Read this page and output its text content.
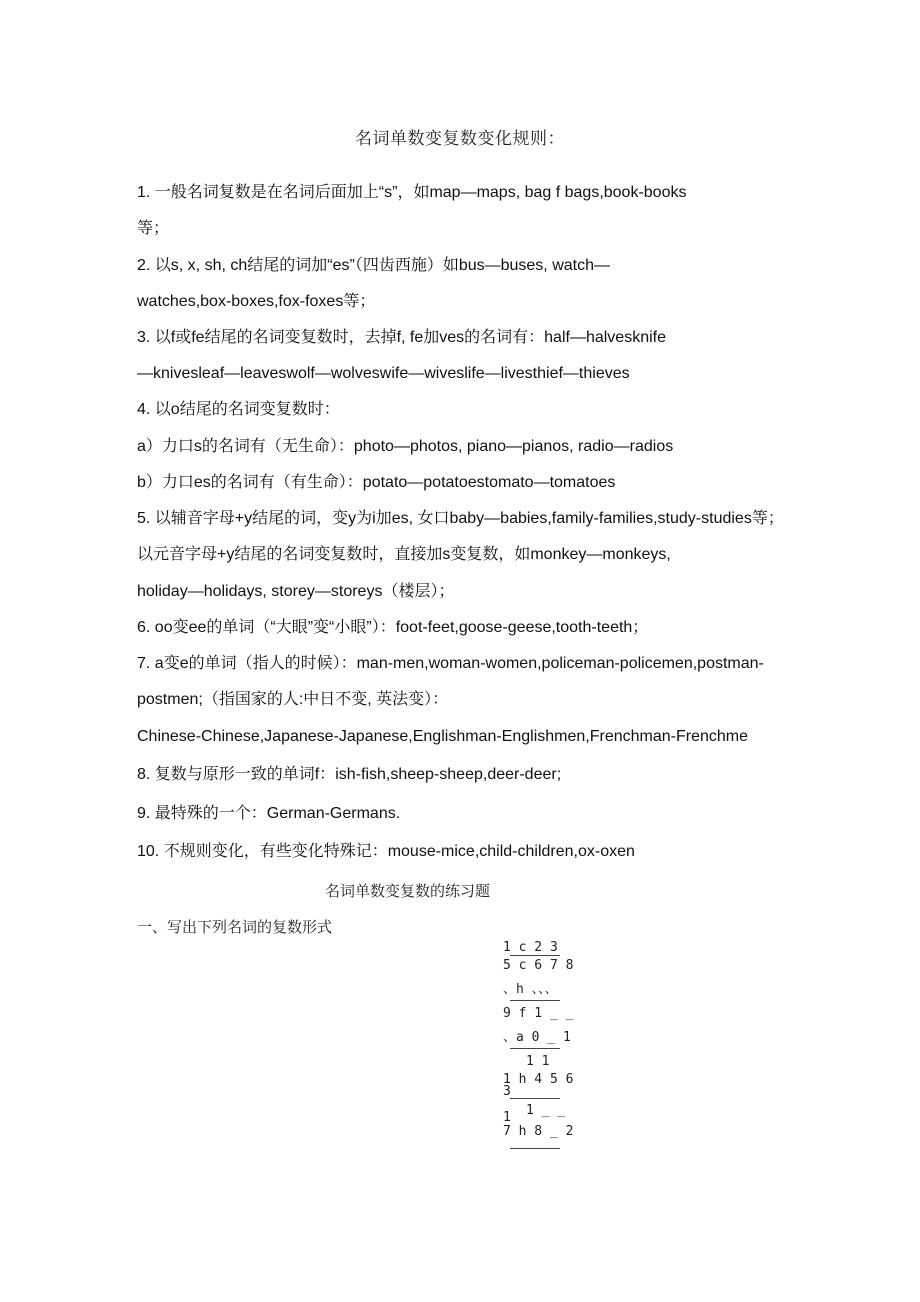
名词单数变复数变化规则：
1. 一般名词复数是在名词后面加上“s”，如map—maps, bag f bags,book-books
等；
2. 以s, x, sh, ch结尾的词加“es”（四齿西施）如bus—buses, watch—
watches,box-boxes,fox-foxes等；
3. 以f或fe结尾的名词变复数时，去掉f, fe加ves的名词有：half—halvesknife
—knivesleaf—leaveswolf—wolveswife—wiveslife—livesthief—thieves
4. 以o结尾的名词变复数时：
a）力口s的名词有（无生命）：photo—photos, piano—pianos, radio—radios
b）力口es的名词有（有生命）：potato—potatoestomato—tomatoes
5. 以辅音字母+y结尾的词，变y为i加es, 女口baby—babies,family-families,study-studies等；
以元音字母+y结尾的名词变复数时，直接加s变复数，如monkey—monkeys,
holiday—holidays, storey—storeys（楼层）；
6. oo变ee的单词（“大眼”变“小眼”）：foot-feet,goose-geese,tooth-teeth；
7. a变e的单词（指人的时候）：man-men,woman-women,policeman-policemen,postman-
postmen;（指国家的人:中日不变, 英法变）：
Chinese-Chinese,Japanese-Japanese,Englishman-Englishmen,Frenchman-Frenchme
8. 复数与原形一致的单词f：ish-fish,sheep-sheep,deer-deer;
9. 最特殊的一个：German-Germans.
10. 不规则变化，有些变化特殊记：mouse-mice,child-children,ox-oxen
名词单数变复数的练习题
一、写出下列名词的复数形式
1 c 2 3
5 c 6 7 8
、h 、、、
9 f 1 _ _
、a 0 _ 1
1 1
1 h 4 5 6
3
1 _ _
1
7 h 8 _ 2
